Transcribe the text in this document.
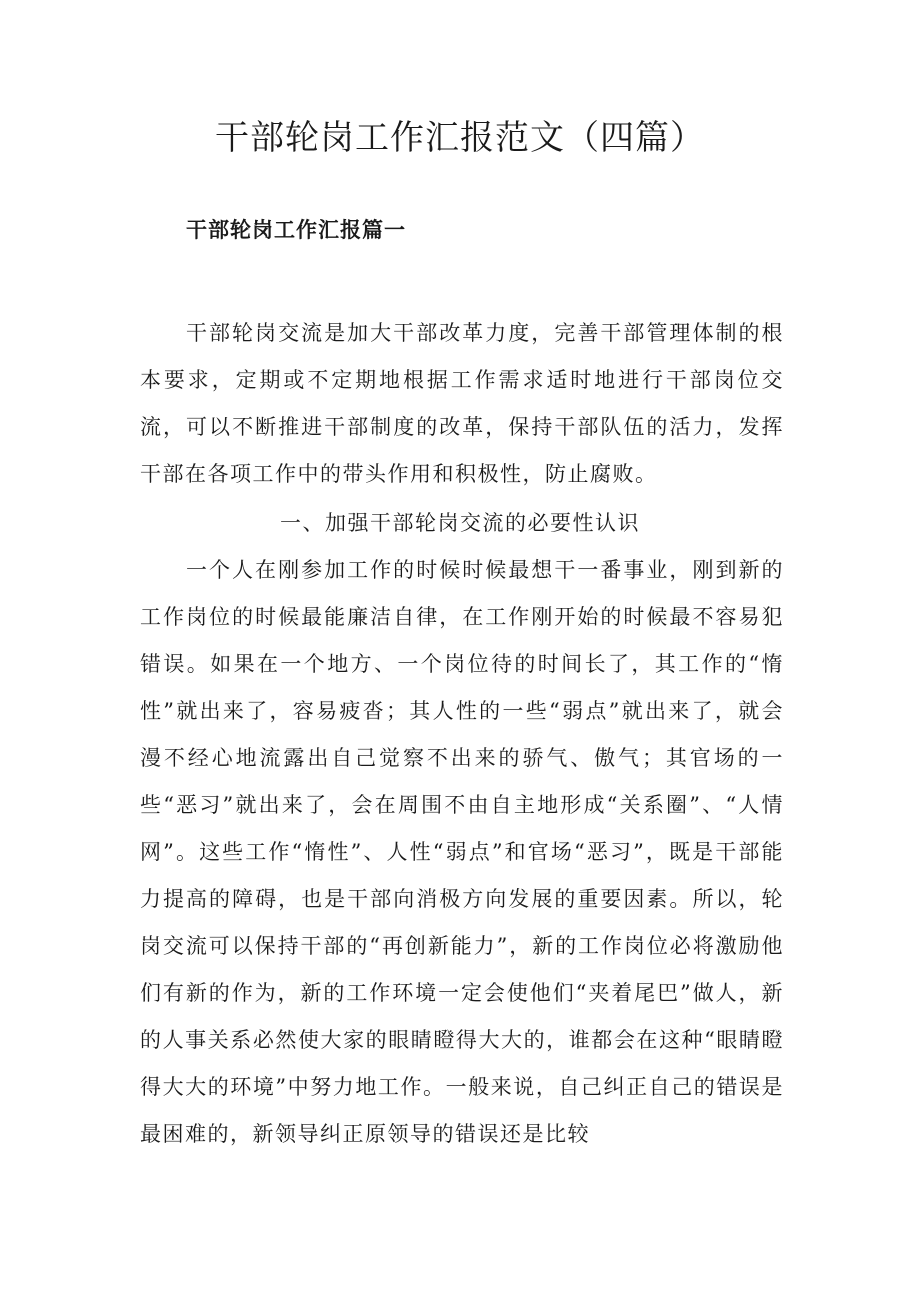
干部轮岗工作汇报范文（四篇）
干部轮岗工作汇报篇一

干部轮岗交流是加大干部改革力度，完善干部管理体制的根本要求，定期或不定期地根据工作需求适时地进行干部岗位交流，可以不断推进干部制度的改革，保持干部队伍的活力，发挥干部在各项工作中的带头作用和积极性，防止腐败。

一、加强干部轮岗交流的必要性认识

一个人在刚参加工作的时候时候最想干一番事业，刚到新的工作岗位的时候最能廉洁自律，在工作刚开始的时候最不容易犯错误。如果在一个地方、一个岗位待的时间长了，其工作的“惰性”就出来了，容易疲沓；其人性的一些“弱点”就出来了，就会漫不经心地流露出自己觉察不出来的骄气、傲气；其官场的一些“恶习”就出来了，会在周围不由自主地形成“关系圈”、“人情网”。这些工作“惰性”、人性“弱点”和官场“恶习”，既是干部能力提高的障碍，也是干部向消极方向发展的重要因素。所以，轮岗交流可以保持干部的“再创新能力”，新的工作岗位必将激励他们有新的作为，新的工作环境一定会使他们“夹着尾巴”做人，新的人事关系必然使大家的眼睛瞪得大大的，谁都会在这种“眼睛瞪得大大的环境”中努力地工作。一般来说，自己纠正自己的错误是最困难的，新领导纠正原领导的错误还是比较
